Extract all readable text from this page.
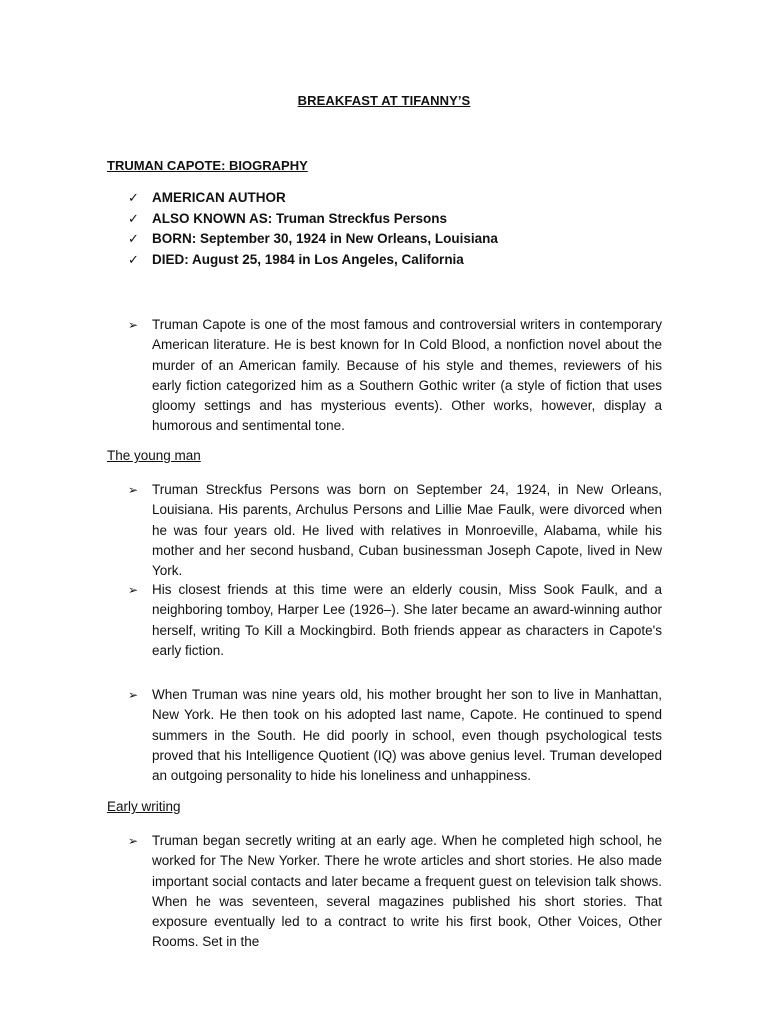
BREAKFAST AT TIFANNY’S
TRUMAN CAPOTE: BIOGRAPHY
✓ AMERICAN AUTHOR
✓ ALSO KNOWN AS: Truman Streckfus Persons
✓ BORN: September 30, 1924 in New Orleans, Louisiana
✓ DIED: August 25, 1984 in Los Angeles, California
➢	Truman Capote is one of the most famous and controversial writers in contemporary American literature. He is best known for In Cold Blood, a nonfiction novel about the murder of an American family. Because of his style and themes, reviewers of his early fiction categorized him as a Southern Gothic writer (a style of fiction that uses gloomy settings and has mysterious events). Other works, however, display a humorous and sentimental tone.

The young man
➢	Truman Streckfus Persons was born on September 24, 1924, in New Orleans, Louisiana. His parents, Archulus Persons and Lillie Mae Faulk, were divorced when he was four years old. He lived with relatives in Monroeville, Alabama, while his mother and her second husband, Cuban businessman Joseph Capote, lived in New York.

➢	His closest friends at this time were an elderly cousin, Miss Sook Faulk, and a neighboring tomboy, Harper Lee (1926–). She later became an award-winning author herself, writing To Kill a Mockingbird. Both friends appear as characters in Capote's early fiction.

➢	When Truman was nine years old, his mother brought her son to live in Manhattan, New York. He then took on his adopted last name, Capote. He continued to spend summers in the South. He did poorly in school, even though psychological tests proved that his Intelligence Quotient (IQ) was above genius level. Truman developed an outgoing personality to hide his loneliness and unhappiness.

Early writing
➢	Truman began secretly writing at an early age. When he completed high school, he worked for The New Yorker. There he wrote articles and short stories. He also made important social contacts and later became a frequent guest on television talk shows. When he was seventeen, several magazines published his short stories. That exposure eventually led to a contract to write his first book, Other Voices, Other Rooms. Set in the
